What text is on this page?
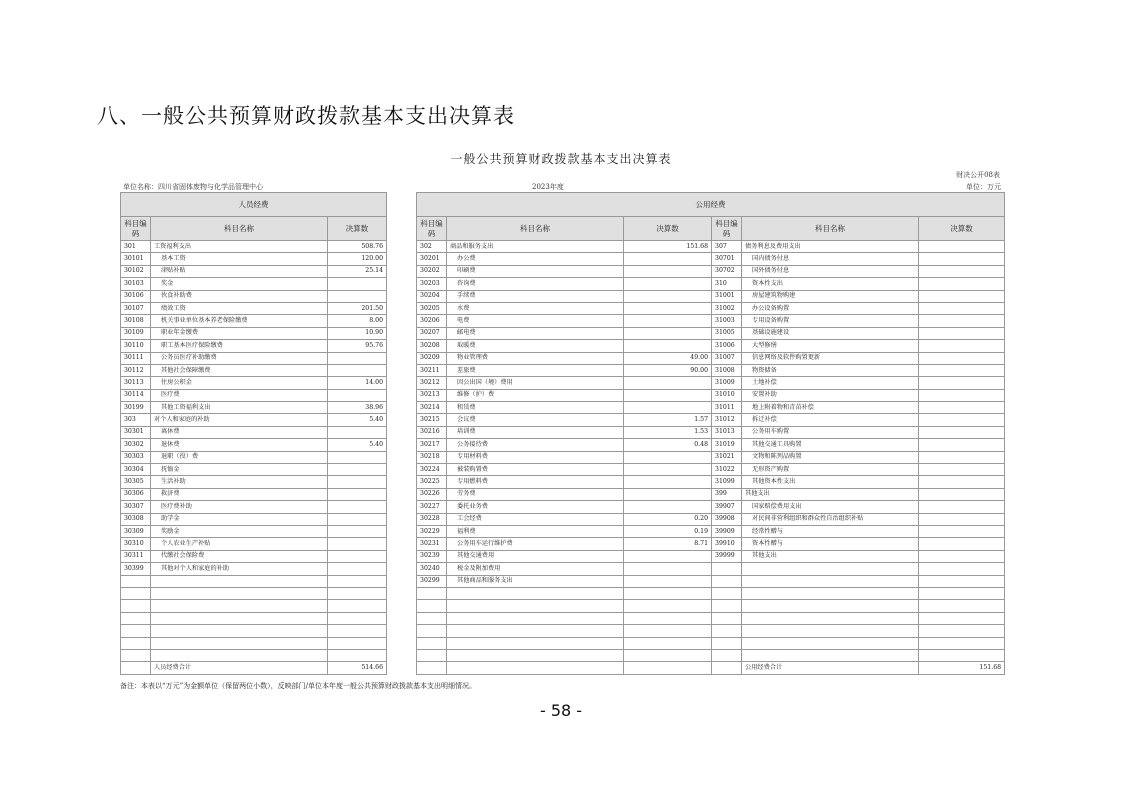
八、一般公共预算财政拨款基本支出决算表
一般公共预算财政拨款基本支出决算表
财决公开08表
单位名称：四川省固体废物与化学品管理中心	2023年度	单位：万元
人员经费				公用经费					
科目编码	科目名称	决算数		科目编码	科目名称	决算数	科目编码	科目名称	决算数
301	工资福利支出	508.76		302	商品和服务支出	151.68	307	债务利息及费用支出	
30101	基本工资	120.00		30201	办公费		30701	国内债务付息	
30102	津贴补贴	25.14		30202	印刷费		30702	国外债务付息	
30103	奖金			30203	咨询费		310	资本性支出	
30106	伙食补助费			30204	手续费		31001	房屋建筑物购建	
30107	绩效工资	201.50		30205	水费		31002	办公设备购置	
30108	机关事业单位基本养老保险缴费	8.00		30206	电费		31003	专用设备购置	
30109	职业年金缴费	10.90		30207	邮电费		31005	基础设施建设	
30110	职工基本医疗保险缴费	95.76		30208	取暖费		31006	大型修缮	
30111	公务员医疗补助缴费			30209	物业管理费	49.00	31007	信息网络及软件购置更新	
30112	其他社会保障缴费			30211	差旅费	90.00	31008	物资储备	
30113	住房公积金	14.00		30212	因公出国（境）费用		31009	土地补偿	
30114	医疗费			30213	维修（护）费		31010	安置补助	
30199	其他工资福利支出	38.96		30214	租赁费		31011	地上附着物和青苗补偿	
303	对个人和家庭的补助	5.40		30215	会议费	1.57	31012	拆迁补偿	
30301	离休费			30216	培训费	1.53	31013	公务用车购置	
30302	退休费	5.40		30217	公务接待费	0.48	31019	其他交通工具购置	
30303	退职（役）费			30218	专用材料费		31021	文物和陈列品购置	
30304	抚恤金			30224	被装购置费		31022	无形资产购置	
30305	生活补助			30225	专用燃料费		31099	其他资本性支出	
30306	救济费			30226	劳务费		399	其他支出	
30307	医疗费补助			30227	委托业务费		39907	国家赔偿费用支出	
30308	助学金			30228	工会经费	0.20	39908	对民间非营利组织和群众性自治组织补贴	
30309	奖励金			30229	福利费	0.19	39909	经常性赠与	
30310	个人农业生产补贴			30231	公务用车运行维护费	8.71	39910	资本性赠与	
30311	代缴社会保险费			30239	其他交通费用		39999	其他支出	
30399	其他对个人和家庭的补助			30240	税金及附加费用				
				30299	其他商品和服务支出				

	人员经费合计	514.66						公用经费合计	151.68
备注：本表以“万元”为金额单位（保留两位小数），反映部门/单位本年度一般公共预算财政拨款基本支出明细情况。
- 58 -
